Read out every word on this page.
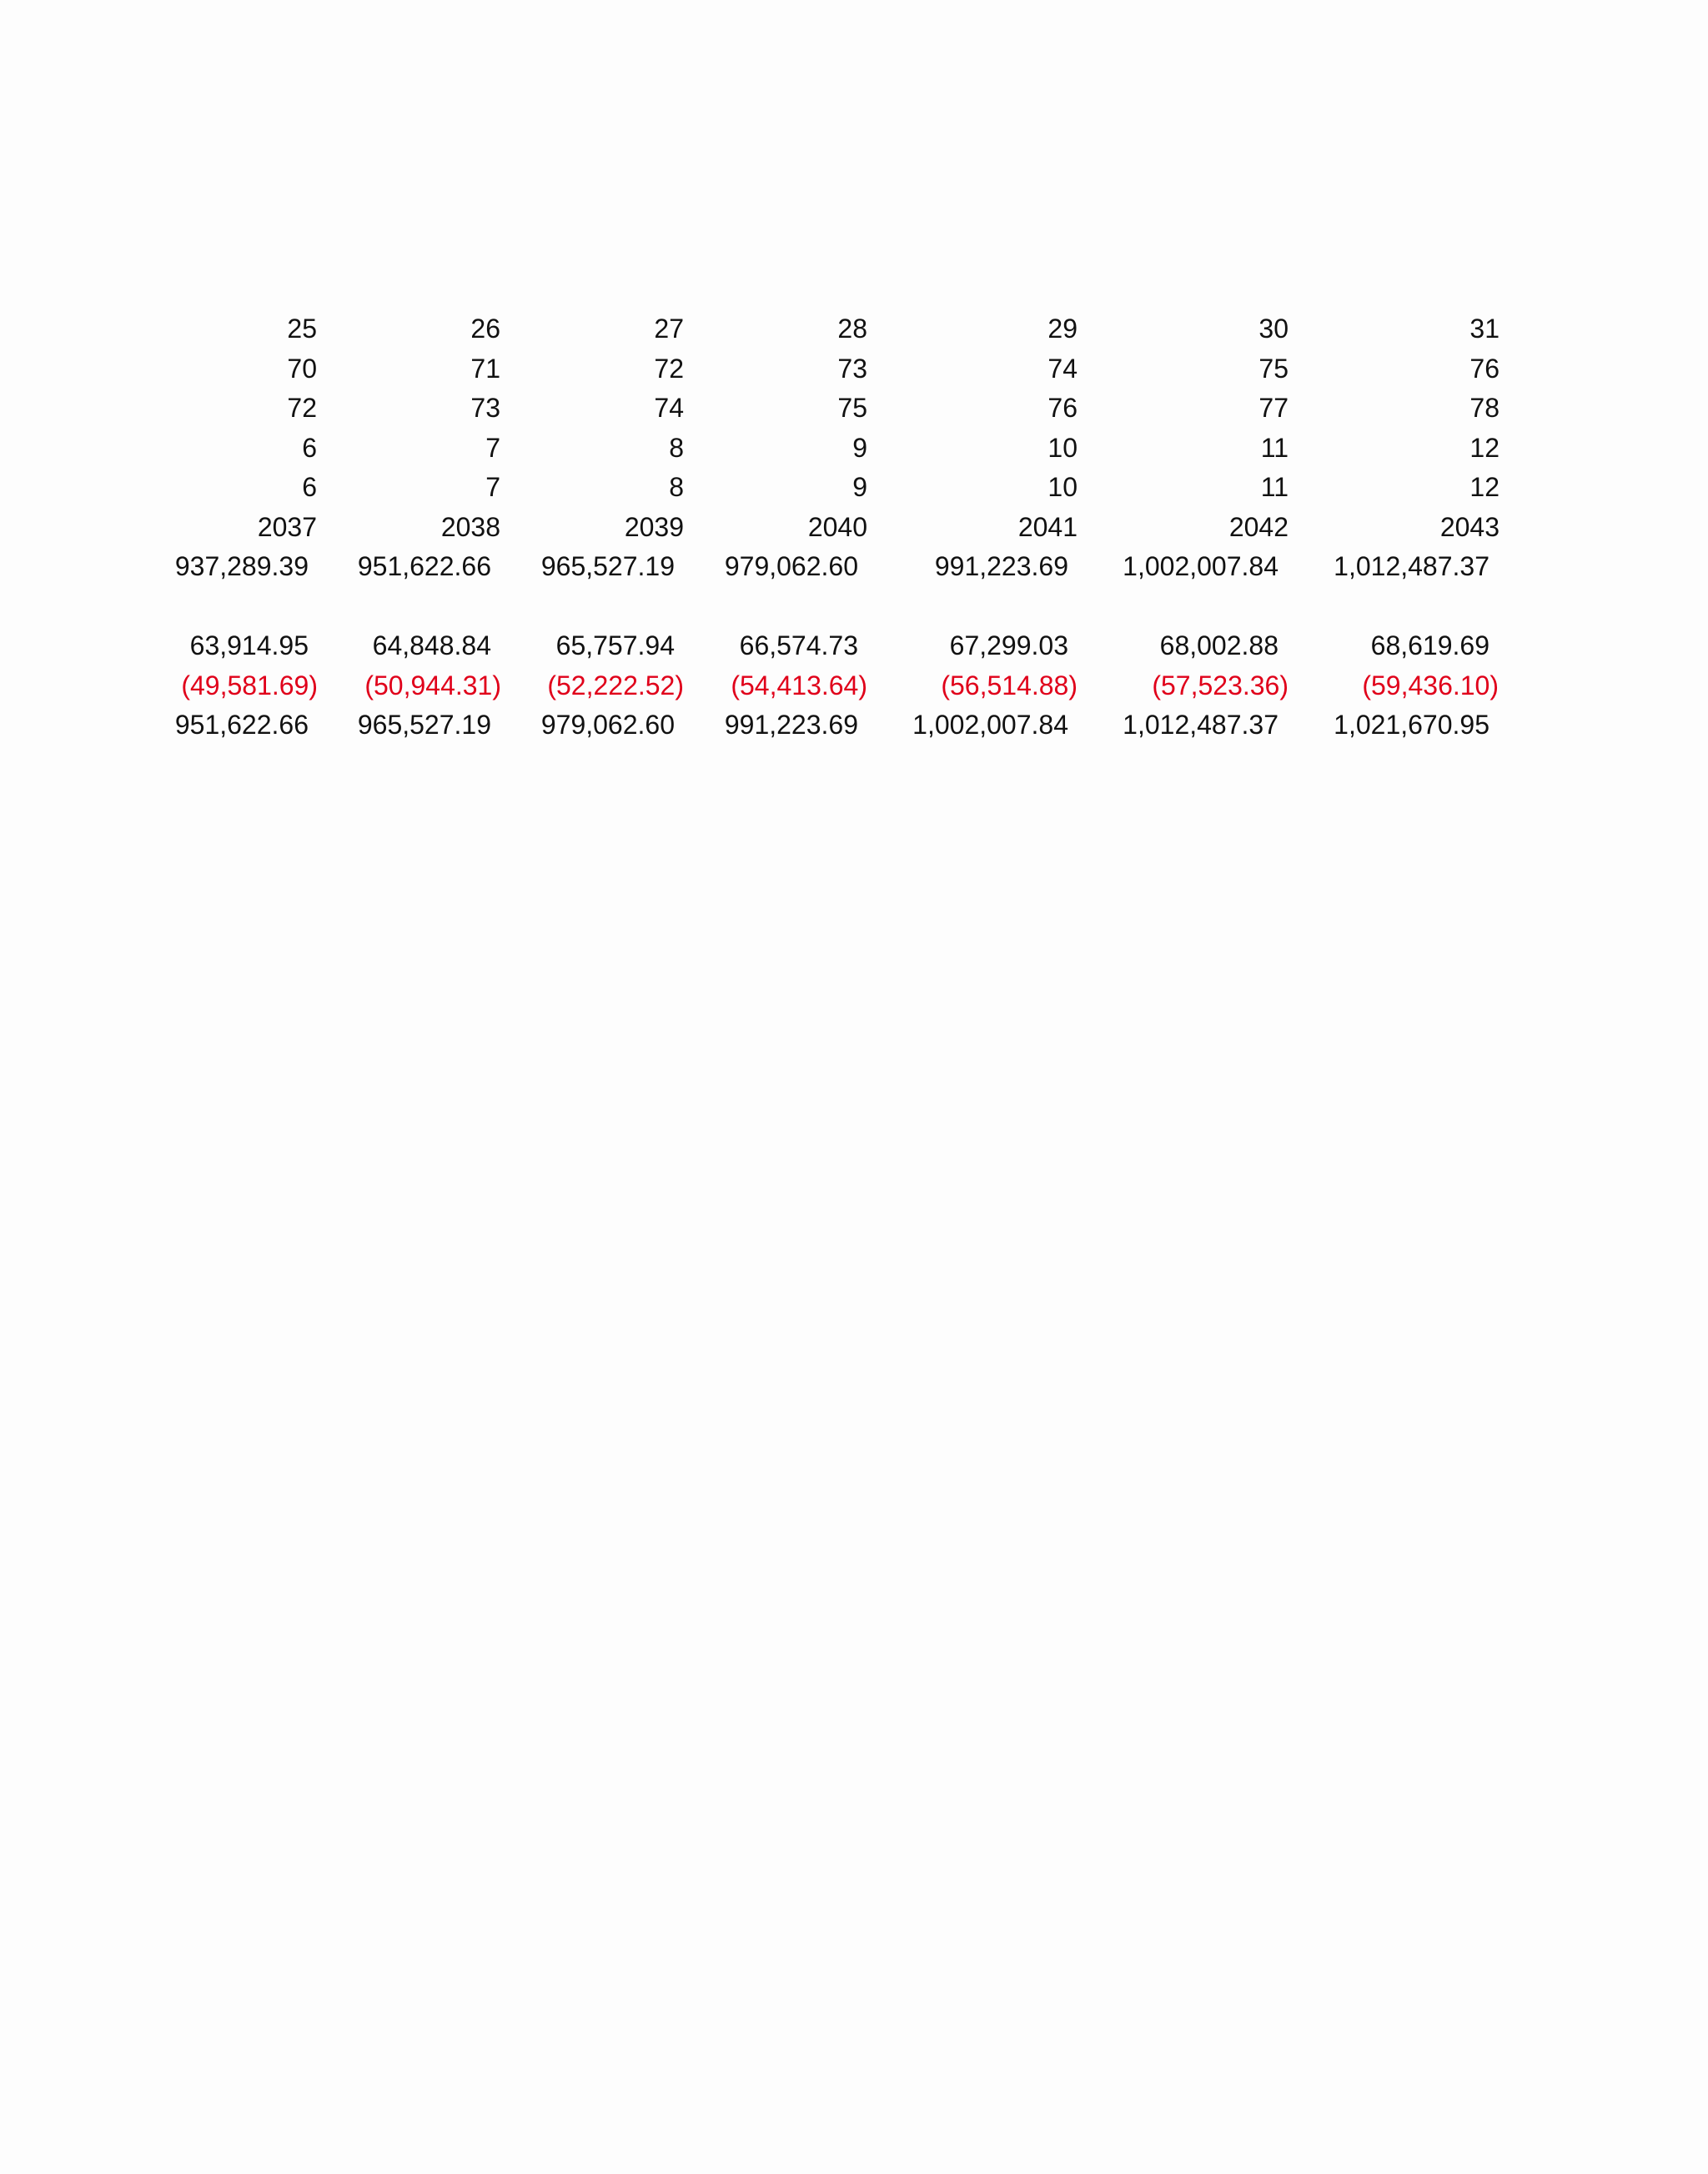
25	26	27	28	29	30	31
70	71	72	73	74	75	76
72	73	74	75	76	77	78
6	7	8	9	10	11	12
6	7	8	9	10	11	12
2037	2038	2039	2040	2041	2042	2043
937,289.39 951,622.66 965,527.19 979,062.60	991,223.69 1,002,007.84 1,012,487.37
63,914.95 64,848.84 65,757.94 66,574.73	67,299.03	68,002.88	68,619.69
(49,581.69) (50,944.31) (52,222.52) (54,413.64)	(56,514.88)	(57,523.36)	(59,436.10)
951,622.66 965,527.19 979,062.60 991,223.69 1,002,007.84 1,012,487.37 1,021,670.95
